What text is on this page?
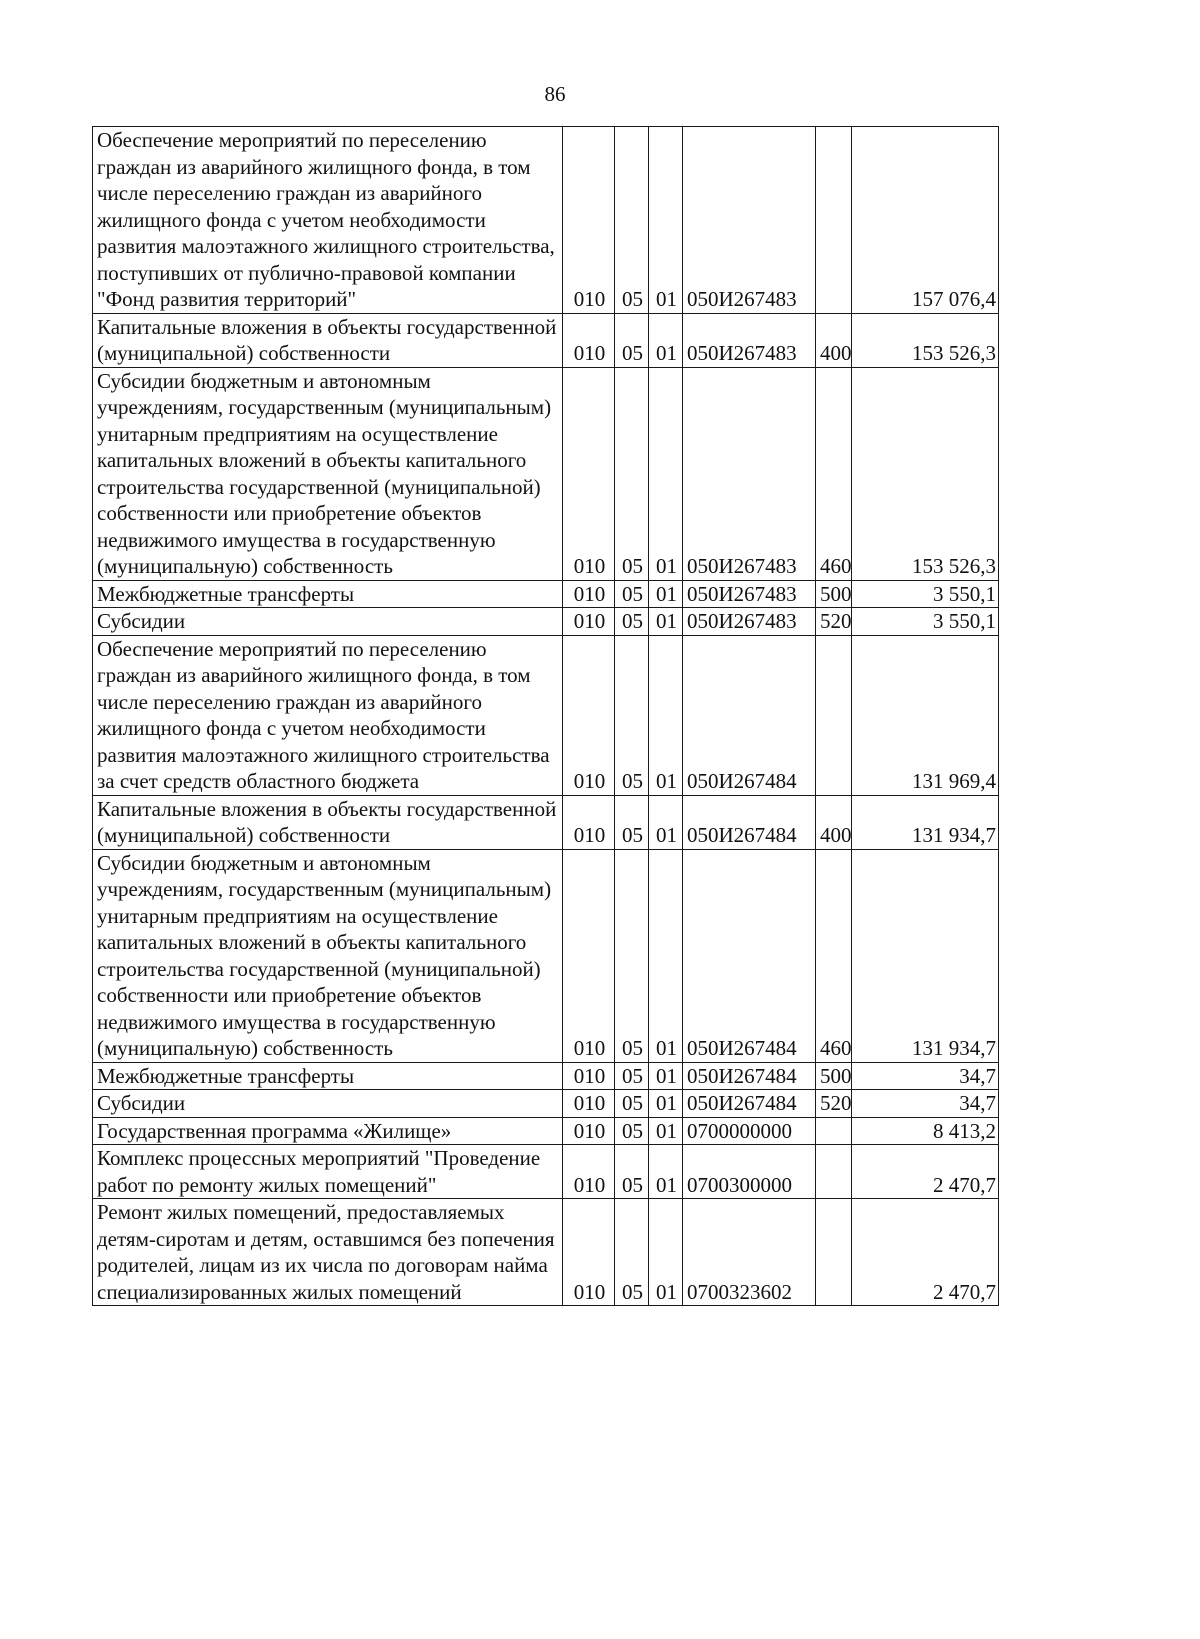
86
Обеспечение мероприятий по переселению граждан из аварийного жилищного фонда, в том числе переселению граждан из аварийного жилищного фонда с учетом необходимости развития малоэтажного жилищного строительства, поступивших от публично-правовой компании "Фонд развития территорий"	010	05	01	050И267483		157 076,4
Капитальные вложения в объекты государственной (муниципальной) собственности	010	05	01	050И267483	400	153 526,3
Субсидии бюджетным и автономным учреждениям, государственным (муниципальным) унитарным предприятиям на осуществление капитальных вложений в объекты капитального строительства государственной (муниципальной) собственности или приобретение объектов недвижимого имущества в государственную (муниципальную) собственность	010	05	01	050И267483	460	153 526,3
Межбюджетные трансферты	010	05	01	050И267483	500	3 550,1
Субсидии	010	05	01	050И267483	520	3 550,1
Обеспечение мероприятий по переселению граждан из аварийного жилищного фонда, в том числе переселению граждан из аварийного жилищного фонда с учетом необходимости развития малоэтажного жилищного строительства за счет средств областного бюджета	010	05	01	050И267484		131 969,4
Капитальные вложения в объекты государственной (муниципальной) собственности	010	05	01	050И267484	400	131 934,7
Субсидии бюджетным и автономным учреждениям, государственным (муниципальным) унитарным предприятиям на осуществление капитальных вложений в объекты капитального строительства государственной (муниципальной) собственности или приобретение объектов недвижимого имущества в государственную (муниципальную) собственность	010	05	01	050И267484	460	131 934,7
Межбюджетные трансферты	010	05	01	050И267484	500	34,7
Субсидии	010	05	01	050И267484	520	34,7
Государственная программа «Жилище»	010	05	01	0700000000		8 413,2
Комплекс процессных мероприятий "Проведение работ по ремонту жилых помещений"	010	05	01	0700300000		2 470,7
Ремонт жилых помещений, предоставляемых детям-сиротам и детям, оставшимся без попечения родителей, лицам из их числа по договорам найма специализированных жилых помещений	010	05	01	0700323602		2 470,7
